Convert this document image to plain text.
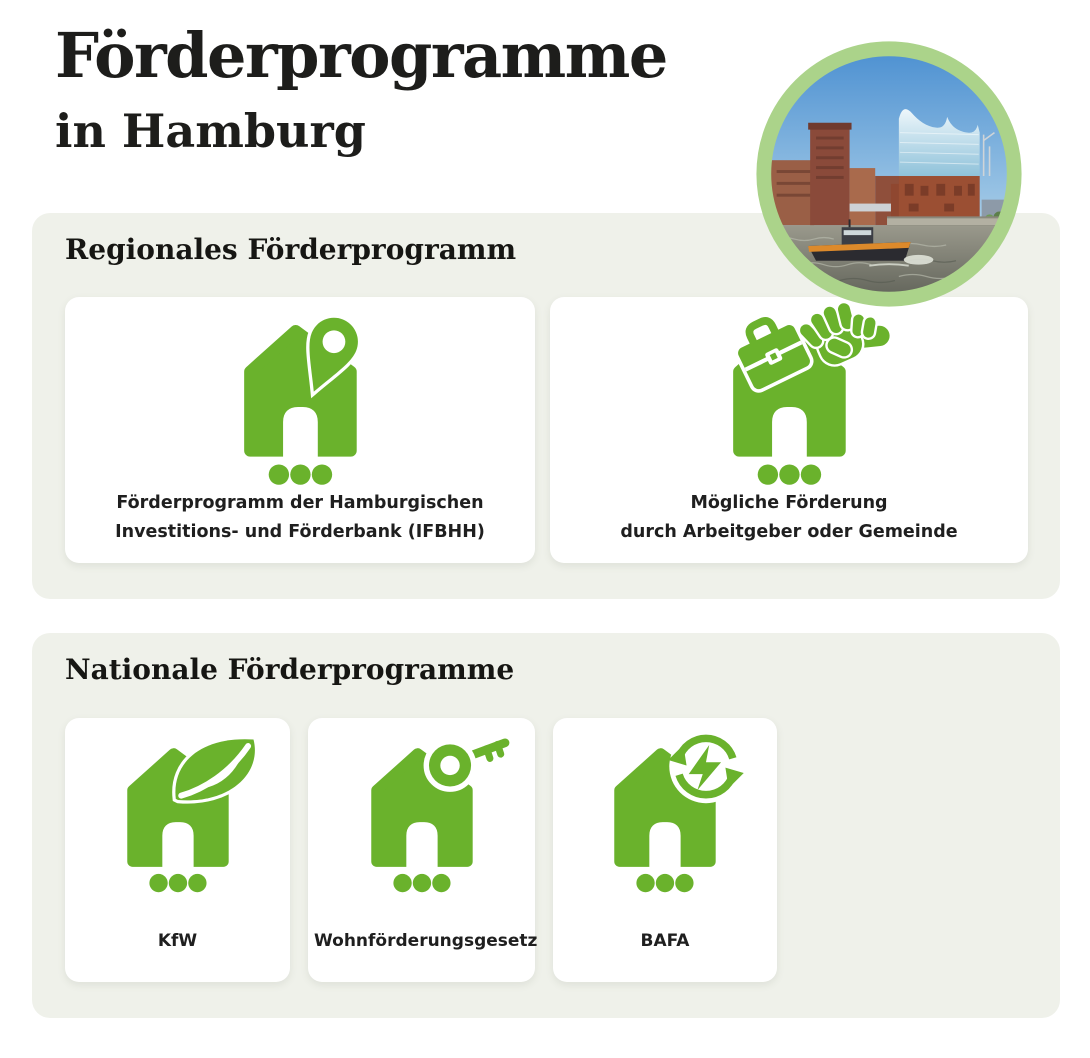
Förderprogramme
in Hamburg
Regionales Förderprogramm
Förderprogramm der Hamburgischen
Investitions- und Förderbank (IFBHH)
Mögliche Förderung
durch Arbeitgeber oder Gemeinde
Nationale Förderprogramme
KfW	Wohnförderungsgesetz	BAFA
